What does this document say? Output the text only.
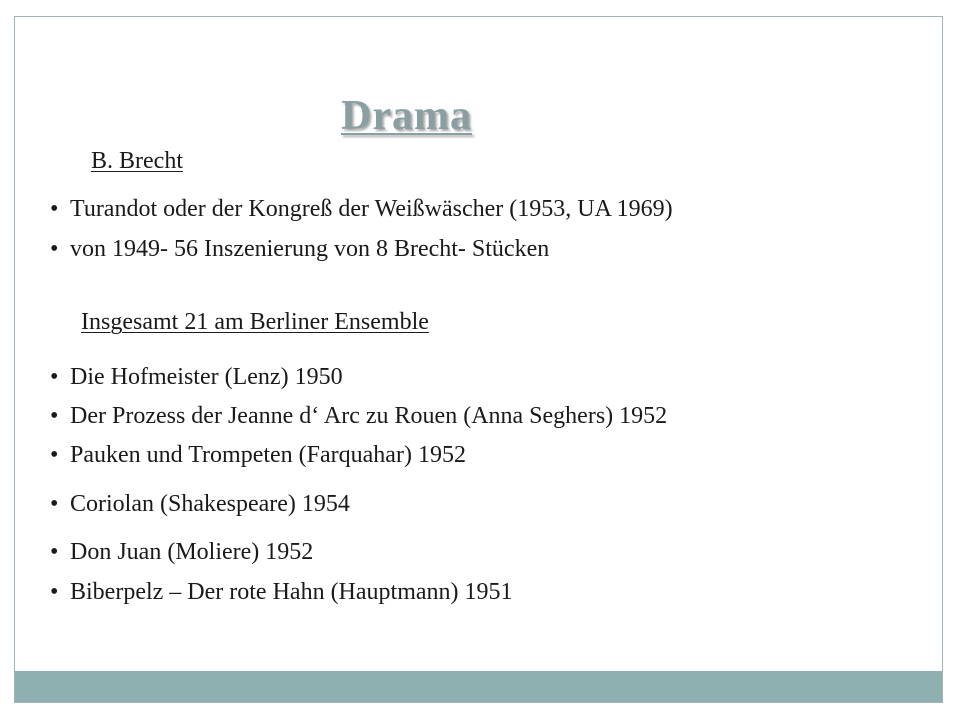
Drama
B. Brecht
• Turandot oder der Kongreß der Weißwäscher (1953, UA 1969)
• von 1949- 56 Inszenierung von 8 Brecht- Stücken
Insgesamt 21 am Berliner Ensemble
• Die Hofmeister (Lenz) 1950
• Der Prozess der Jeanne d‘ Arc zu Rouen (Anna Seghers) 1952
• Pauken und Trompeten (Farquahar) 1952
• Coriolan (Shakespeare) 1954
• Don Juan (Moliere) 1952
• Biberpelz – Der rote Hahn (Hauptmann) 1951
